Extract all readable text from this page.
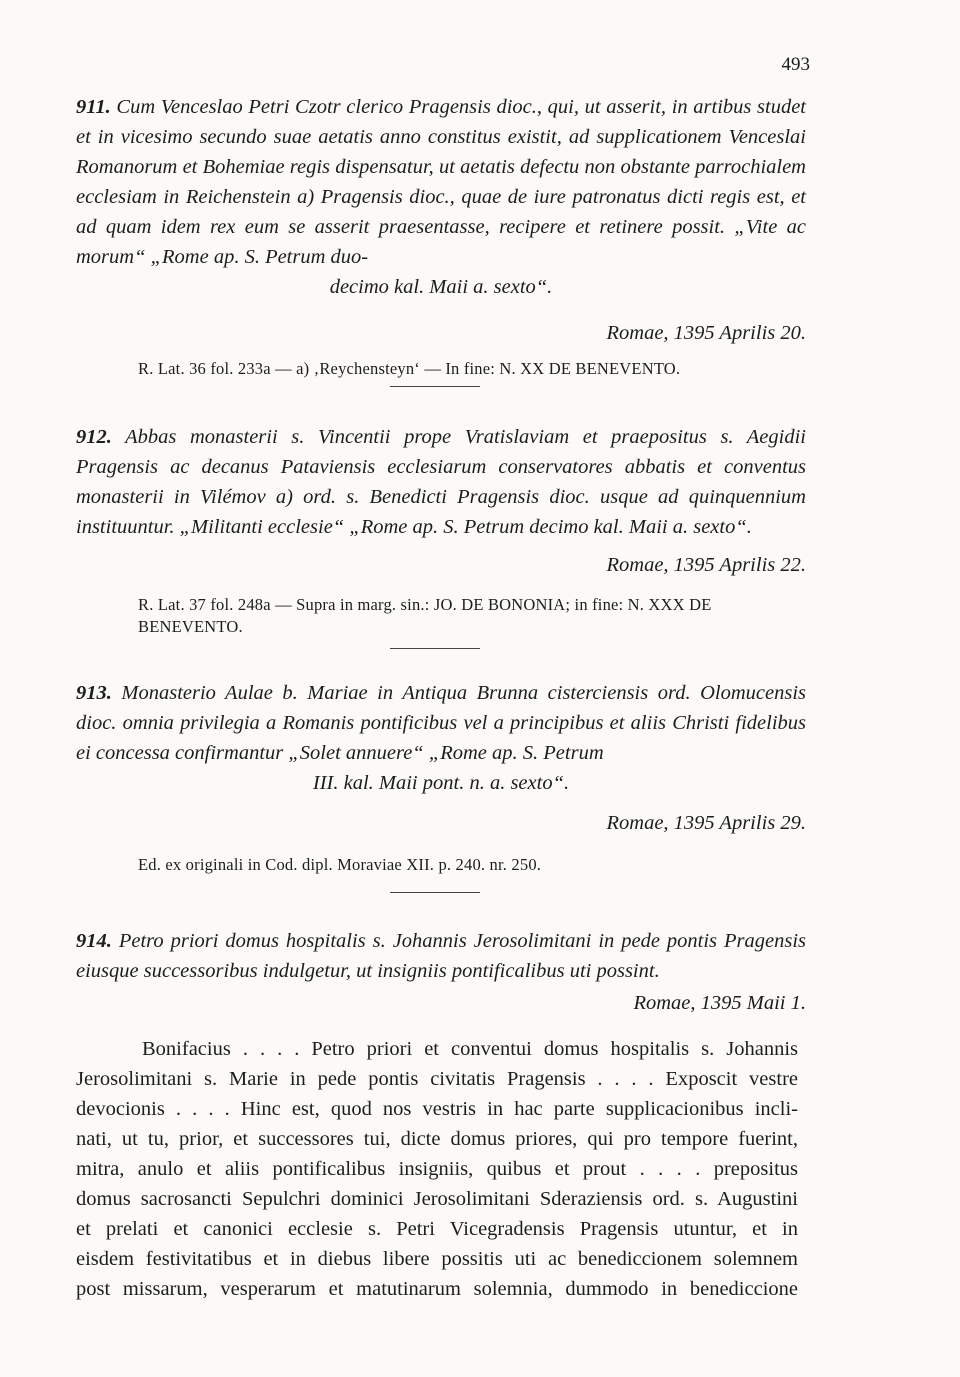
493

911. Cum Venceslao Petri Czotr clerico Pragensis dioc., qui, ut asserit, in artibus studet et in vicesimo secundo suae aetatis anno constitus existit, ad supplicationem Venceslai Romanorum et Bohemiae regis dispensatur, ut aetatis defectu non obstante parrochialem ecclesiam in Reichenstein a) Pragensis dioc., quae de iure patronatus dicti regis est, et ad quam idem rex eum se asserit praesentasse, recipere et retinere possit. „Vite ac morum“ „Rome ap. S. Petrum duo-
decimo kal. Maii a. sexto“.

Romae, 1395 Aprilis 20.

R. Lat. 36 fol. 233a — a) ‚Reychensteyn‘ — In fine: N. XX DE BENEVENTO.

912. Abbas monasterii s. Vincentii prope Vratislaviam et praepositus s. Aegidii Pragensis ac decanus Pataviensis ecclesiarum conservatores abbatis et conventus monasterii in Vilémov a) ord. s. Benedicti Pragensis dioc. usque ad quinquennium instituuntur. „Militanti ecclesie“ „Rome ap. S. Petrum decimo kal. Maii a. sexto“.

Romae, 1395 Aprilis 22.

R. Lat. 37 fol. 248a — Supra in marg. sin.: JO. DE BONONIA; in fine: N. XXX DE BENEVENTO.

913. Monasterio Aulae b. Mariae in Antiqua Brunna cisterciensis ord. Olomucensis dioc. omnia privilegia a Romanis pontificibus vel a principibus et aliis Christi fidelibus ei concessa confirmantur „Solet annuere“ „Rome ap. S. Petrum
III. kal. Maii pont. n. a. sexto“.

Romae, 1395 Aprilis 29.

Ed. ex originali in Cod. dipl. Moraviae XII. p. 240. nr. 250.

914. Petro priori domus hospitalis s. Johannis Jerosolimitani in pede pontis Pragensis eiusque successoribus indulgetur, ut insigniis pontificalibus uti possint.

Romae, 1395 Maii 1.

Bonifacius . . . . Petro priori et conventui domus hospitalis s. Johannis
Jerosolimitani s. Marie in pede pontis civitatis Pragensis . . . . Exposcit vestre
devocionis . . . . Hinc est, quod nos vestris in hac parte supplicacionibus incli-
nati, ut tu, prior, et successores tui, dicte domus priores, qui pro tempore fuerint,
mitra, anulo et aliis pontificalibus insigniis, quibus et prout . . . . prepositus
domus sacrosancti Sepulchri dominici Jerosolimitani Sderaziensis ord. s. Augustini
et prelati et canonici ecclesie s. Petri Vicegradensis Pragensis utuntur, et in
eisdem festivitatibus et in diebus libere possitis uti ac benediccionem solemnem
post missarum, vesperarum et matutinarum solemnia, dummodo in benediccione
